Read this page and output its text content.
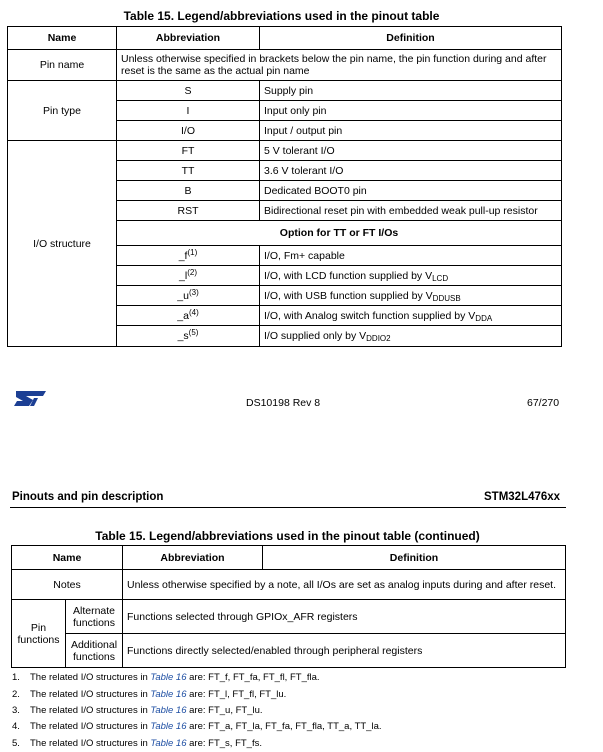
Table 15. Legend/abbreviations used in the pinout table
Name	Abbreviation	Definition
Pin name	Unless otherwise specified in brackets below the pin name, the pin function during and after reset is the same as the actual pin name	
Pin type	S	Supply pin
	I	Input only pin
	I/O	Input / output pin
I/O structure	FT	5 V tolerant I/O
	TT	3.6 V tolerant I/O
	B	Dedicated BOOT0 pin
	RST	Bidirectional reset pin with embedded weak pull-up resistor
	Option for TT or FT I/Os	
	$\_f^{(1)}$	I/O, Fm+ capable
	$\_l^{(2)}$	I/O, with LCD function supplied by $V_{LCD}$
	$\_u^{(3)}$	I/O, with USB function supplied by $V_{DDUSB}$
	$\_a^{(4)}$	I/O, with Analog switch function supplied by $V_{DDA}$
	$\_s^{(5)}$	I/O supplied only by $V_{DDIO2}$
DS10198 Rev 8	67/270
Pinouts and pin description	STM32L476xx
Table 15. Legend/abbreviations used in the pinout table (continued)
Name		Abbreviation	Definition
Notes		Unless otherwise specified by a note, all I/Os are set as analog inputs during and after reset.	
Pin functions	Alternate functions	Functions selected through GPIOx_AFR registers	
	Additional functions	Functions directly selected/enabled through peripheral registers	
1. The related I/O structures in Table 16 are: FT_f, FT_fa, FT_fl, FT_fla.
2. The related I/O structures in Table 16 are: FT_l, FT_fl, FT_lu.
3. The related I/O structures in Table 16 are: FT_u, FT_lu.
4. The related I/O structures in Table 16 are: FT_a, FT_la, FT_fa, FT_fla, TT_a, TT_la.
5. The related I/O structures in Table 16 are: FT_s, FT_fs.
